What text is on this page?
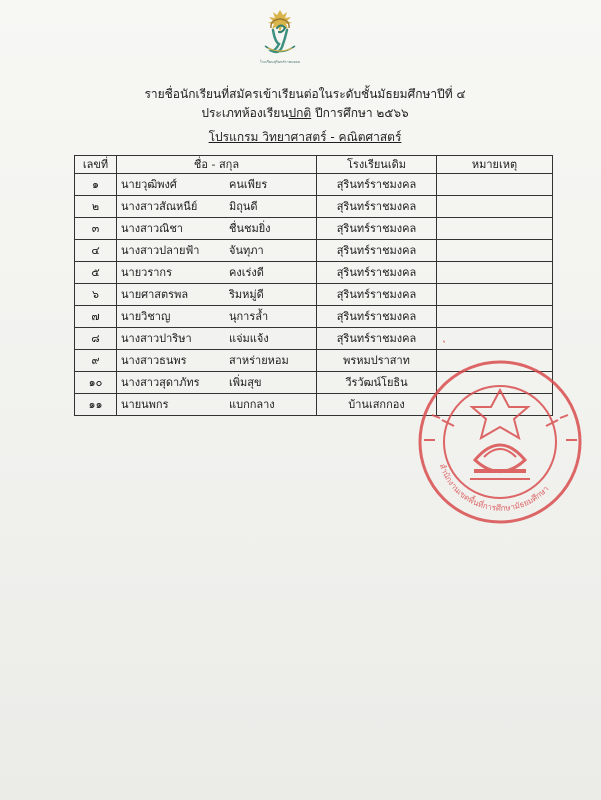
โรงเรียนสุรินทร์ราชมงคล
รายชื่อนักเรียนที่สมัครเข้าเรียนต่อในระดับชั้นมัธยมศึกษาปีที่ ๔
ประเภทห้องเรียนปกติ ปีการศึกษา ๒๕๖๖
โปรแกรม วิทยาศาสตร์ - คณิตศาสตร์
เลขที่	ชื่อ - สกุล	โรงเรียนเดิม	หมายเหตุ
๑	นายวุฒิพงศ์ คนเพียร	สุรินทร์ราชมงคล	
๒	นางสาวสัณหนีย์ มิถุนดี	สุรินทร์ราชมงคล	
๓	นางสาวณิชา ชื่นชมยิ่ง	สุรินทร์ราชมงคล	
๔	นางสาวปลายฟ้า จันทุภา	สุรินทร์ราชมงคล	
๕	นายวรากร คงเร่งดี	สุรินทร์ราชมงคล	
๖	นายศาสตรพล ริมหมู่ดี	สุรินทร์ราชมงคล	
๗	นายวิชาญ นุการล้ำ	สุรินทร์ราชมงคล	
๘	นางสาวปาริษา แจ่มแจ้ง	สุรินทร์ราชมงคล	
๙	นางสาวธนพร สาหร่ายหอม	พรหมปราสาท	
๑๐	นางสาวสุดาภัทร เพิ่มสุข	วีรวัฒน์โยธิน	
๑๑	นายนพกร แบกกลาง	บ้านเสกกอง	
สำนักงานเขตพื้นที่การศึกษามัธยมศึกษา
